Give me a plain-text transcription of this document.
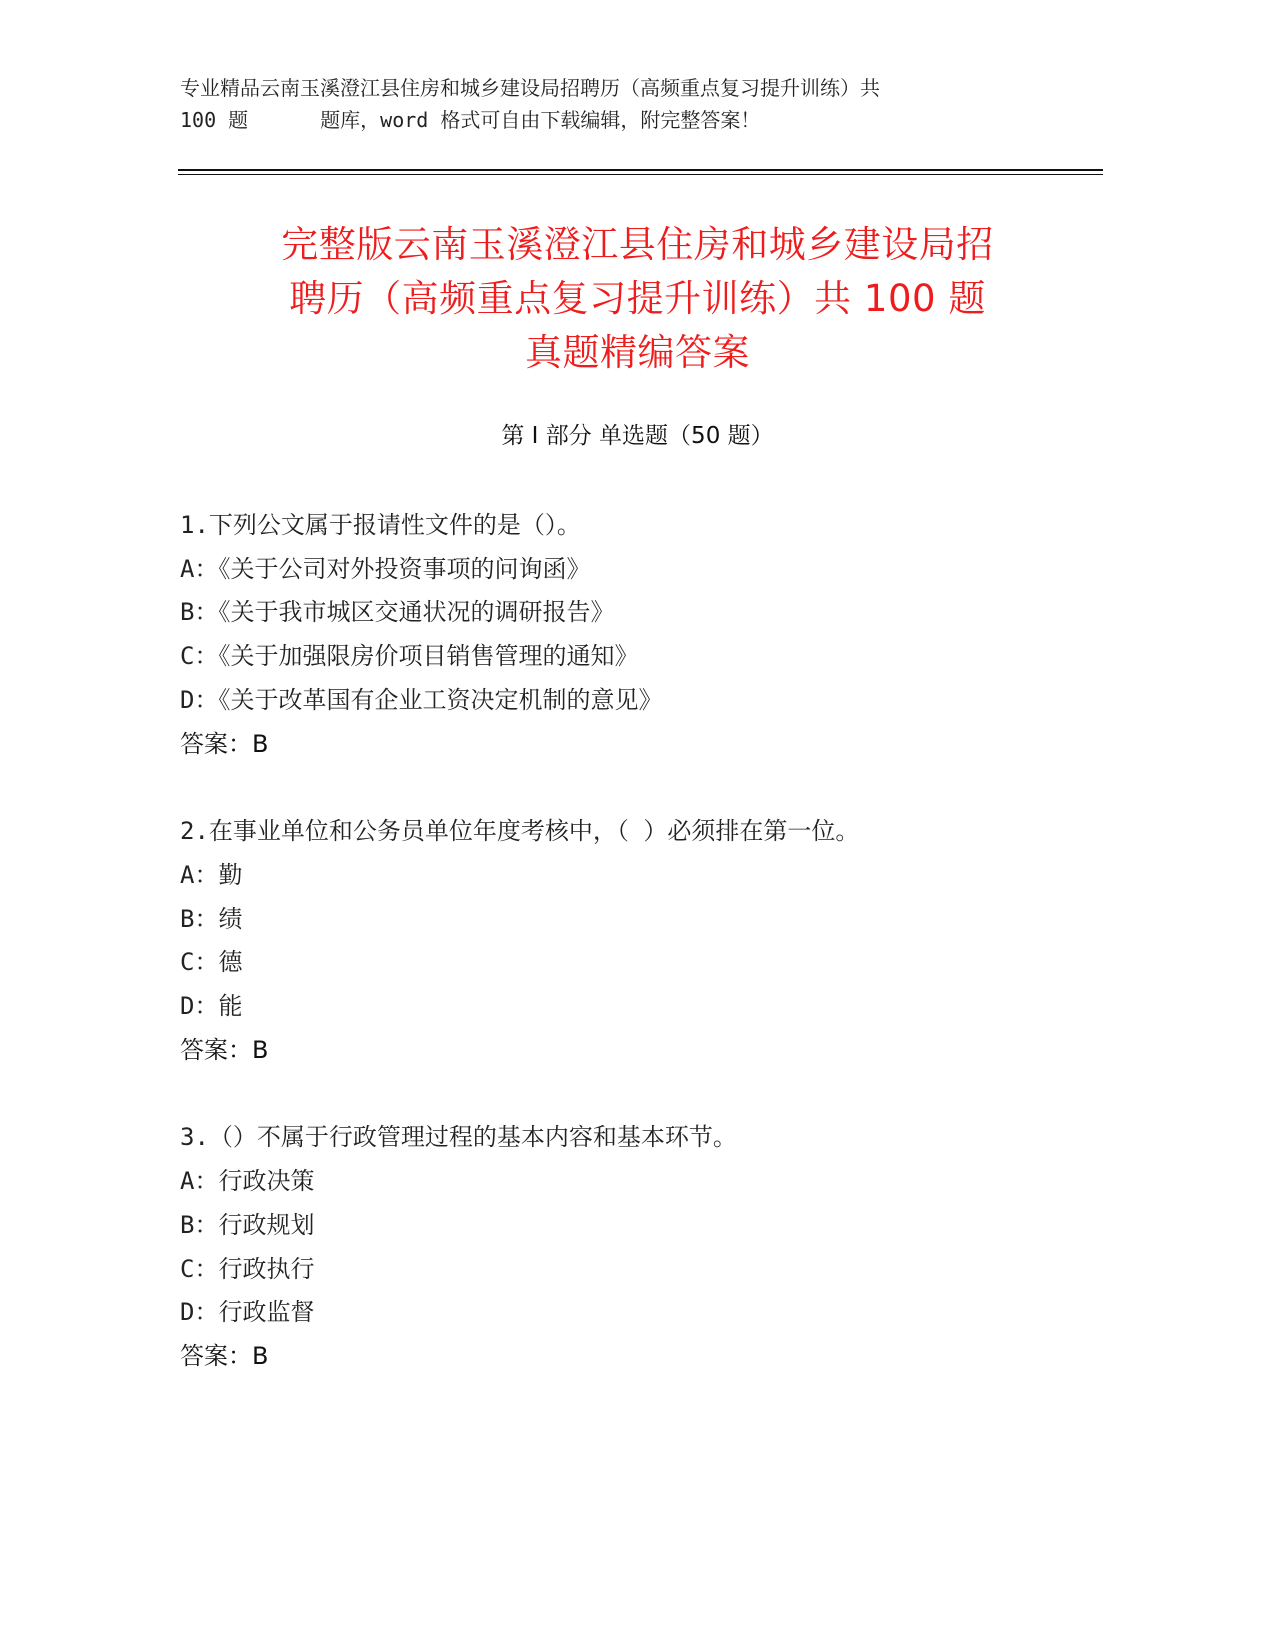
专业精品云南玉溪澄江县住房和城乡建设局招聘历（高频重点复习提升训练）共
100 题	题库，word 格式可自由下载编辑，附完整答案！
完整版云南玉溪澄江县住房和城乡建设局招
聘历（高频重点复习提升训练）共 100 题
真题精编答案
第 I 部分 单选题（50 题）
1.下列公文属于报请性文件的是（）。
A：《关于公司对外投资事项的问询函》
B：《关于我市城区交通状况的调研报告》
C：《关于加强限房价项目销售管理的通知》
D：《关于改革国有企业工资决定机制的意见》
答案：B
2.在事业单位和公务员单位年度考核中，（ ）必须排在第一位。
A：勤
B：绩
C：德
D：能
答案：B
3.（）不属于行政管理过程的基本内容和基本环节。
A：行政决策
B：行政规划
C：行政执行
D：行政监督
答案：B
